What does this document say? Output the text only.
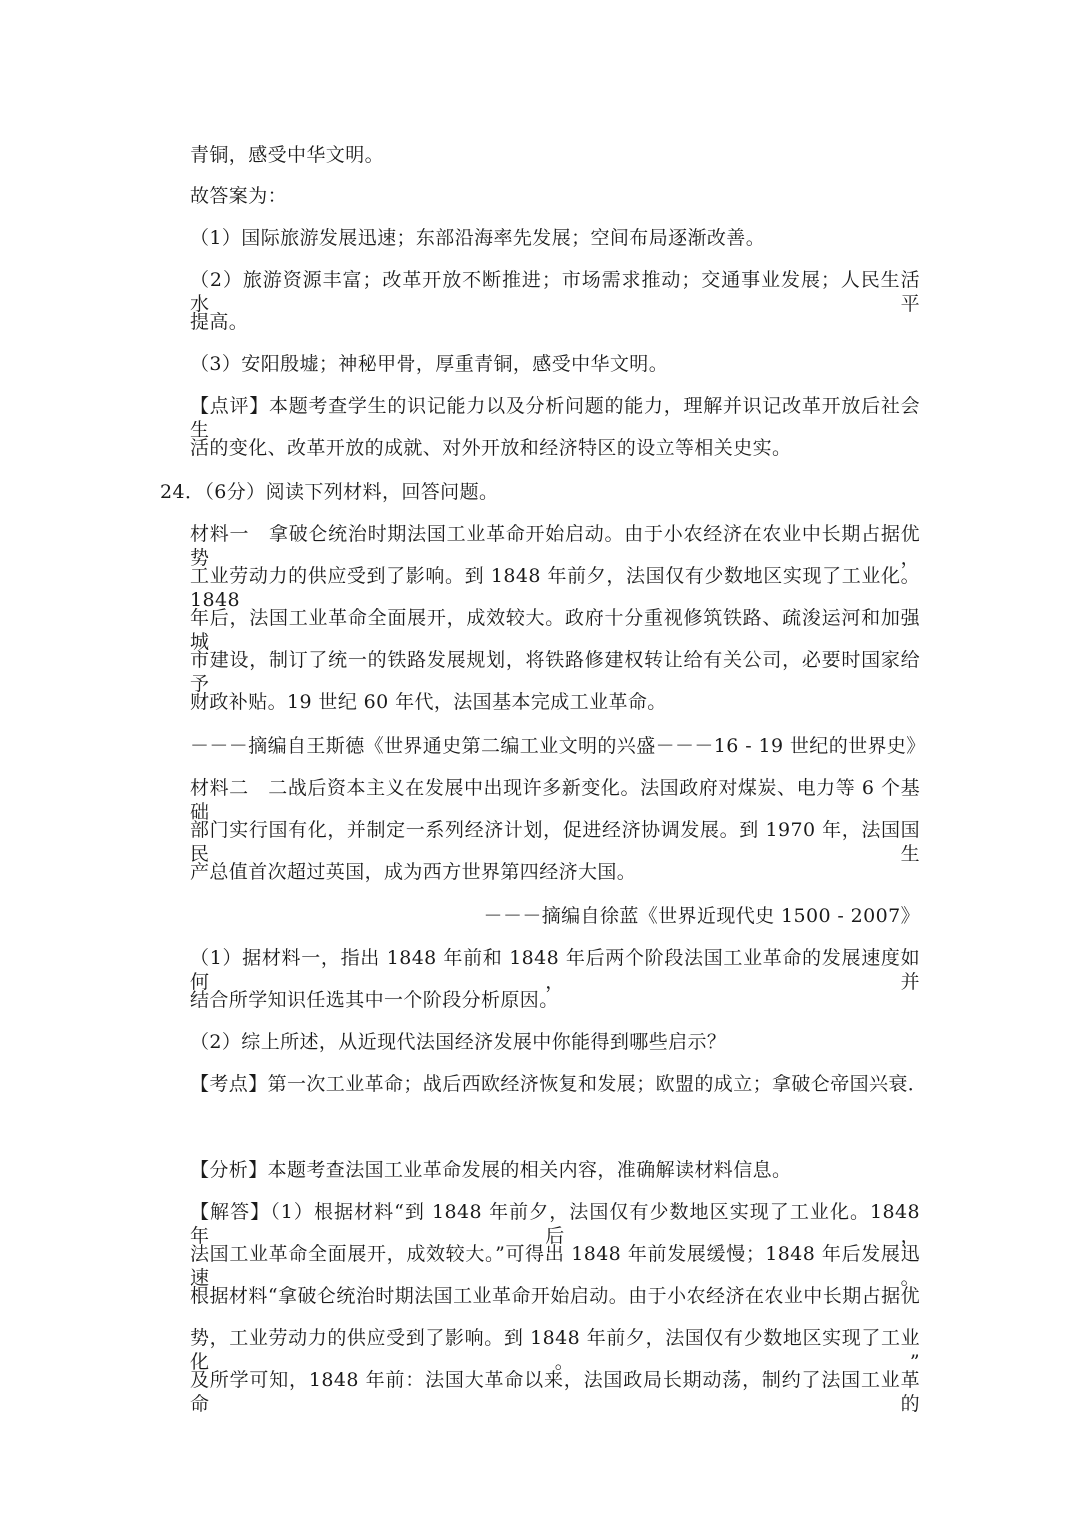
青铜，感受中华文明。
故答案为：
（1）国际旅游发展迅速；东部沿海率先发展；空间布局逐渐改善。
（2）旅游资源丰富；改革开放不断推进；市场需求推动；交通事业发展；人民生活水平
提高。
（3）安阳殷墟；神秘甲骨，厚重青铜，感受中华文明。
【点评】本题考查学生的识记能力以及分析问题的能力，理解并识记改革开放后社会生
活的变化、改革开放的成就、对外开放和经济特区的设立等相关史实。
24．（6分）阅读下列材料，回答问题。
材料一　拿破仑统治时期法国工业革命开始启动。由于小农经济在农业中长期占据优势，
工业劳动力的供应受到了影响。到 1848 年前夕，法国仅有少数地区实现了工业化。1848
年后，法国工业革命全面展开，成效较大。政府十分重视修筑铁路、疏浚运河和加强城
市建设，制订了统一的铁路发展规划，将铁路修建权转让给有关公司，必要时国家给予
财政补贴。19 世纪 60 年代，法国基本完成工业革命。
－－－摘编自王斯德《世界通史第二编工业文明的兴盛－－－16 - 19 世纪的世界史》
材料二　二战后资本主义在发展中出现许多新变化。法国政府对煤炭、电力等 6 个基础
部门实行国有化，并制定一系列经济计划，促进经济协调发展。到 1970 年，法国国民生
产总值首次超过英国，成为西方世界第四经济大国。
－－－摘编自徐蓝《世界近现代史 1500 - 2007》
（1）据材料一，指出 1848 年前和 1848 年后两个阶段法国工业革命的发展速度如何，并
结合所学知识任选其中一个阶段分析原因。
（2）综上所述，从近现代法国经济发展中你能得到哪些启示？
【考点】第一次工业革命；战后西欧经济恢复和发展；欧盟的成立；拿破仑帝国兴衰．
【分析】本题考查法国工业革命发展的相关内容，准确解读材料信息。
【解答】（1）根据材料“到 1848 年前夕，法国仅有少数地区实现了工业化。1848 年后，
法国工业革命全面展开，成效较大。”可得出 1848 年前发展缓慢；1848 年后发展迅速。
根据材料“拿破仑统治时期法国工业革命开始启动。由于小农经济在农业中长期占据优
势，工业劳动力的供应受到了影响。到 1848 年前夕，法国仅有少数地区实现了工业化。”
及所学可知，1848 年前：法国大革命以来，法国政局长期动荡，制约了法国工业革命的
